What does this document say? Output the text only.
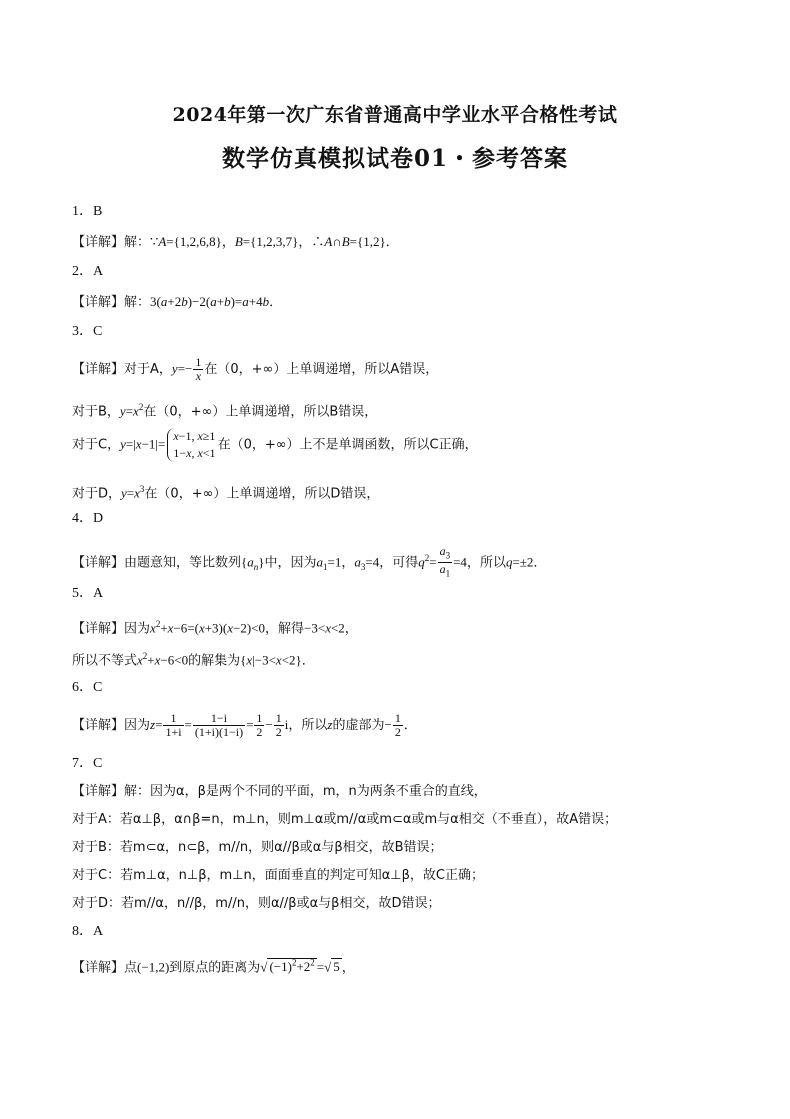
2024年第一次广东省普通高中学业水平合格性考试
数学仿真模拟试卷01・参考答案
1．B
【详解】解：∵A={1,2,6,8}，B={1,2,3,7}，∴A∩B={1,2}．
2．A
【详解】解：3(a+2b)−2(a+b)=a+4b．
3．C
【详解】对于A，$y=- \frac{1}{x}$ 在（0，+∞）上单调递增，所以A错误，
对于B，$y=x^2$在（0，+∞）上单调递增，所以B错误，
对于C，y=|x−1|=
x−1, x≥1
1−x, x<1
在（0，+∞）上不是单调函数，所以C正确，
对于D，$y=x^3$在（0，+∞）上单调递增，所以D错误，
4．D
【详解】由题意知，等比数列$\{a_n\}$中，因为$a_1=1$，$a_3=4$，可得$q^2= \frac{a_3}{a_1} =4$，所以q=±2．
5．A
【详解】因为$x^2+x-6=(x+3)(x-2)<0$，解得−3<x<2，
所以不等式$x^2+x-6<0$的解集为{x|−3<x<2}．
6．C
【详解】因为$z= \frac{1}{1+i} = \frac{1-i}{(1+i)(1-i)} = \frac{1}{2} - \frac{1}{2}$ i，所以z的虚部为− $\frac{1}{2}$ ．
7．C
【详解】解：因为α，β是两个不同的平面，m，n为两条不重合的直线，
对于A：若α⊥β，α∩β=n，m⊥n，则m⊥α或m//α或m⊂α或m与α相交（不垂直），故A错误；
对于B：若m⊂α，n⊂β，m//n，则α//β或α与β相交，故B错误；
对于C：若m⊥α，n⊥β，m⊥n，面面垂直的判定可知α⊥β，故C正确；
对于D：若m//α，n//β，m//n，则α//β或α与β相交，故D错误；
8．A
【详解】点(−1,2)到原点的距离为√ $(-1)^2+2^2$ =√ 5 ，
